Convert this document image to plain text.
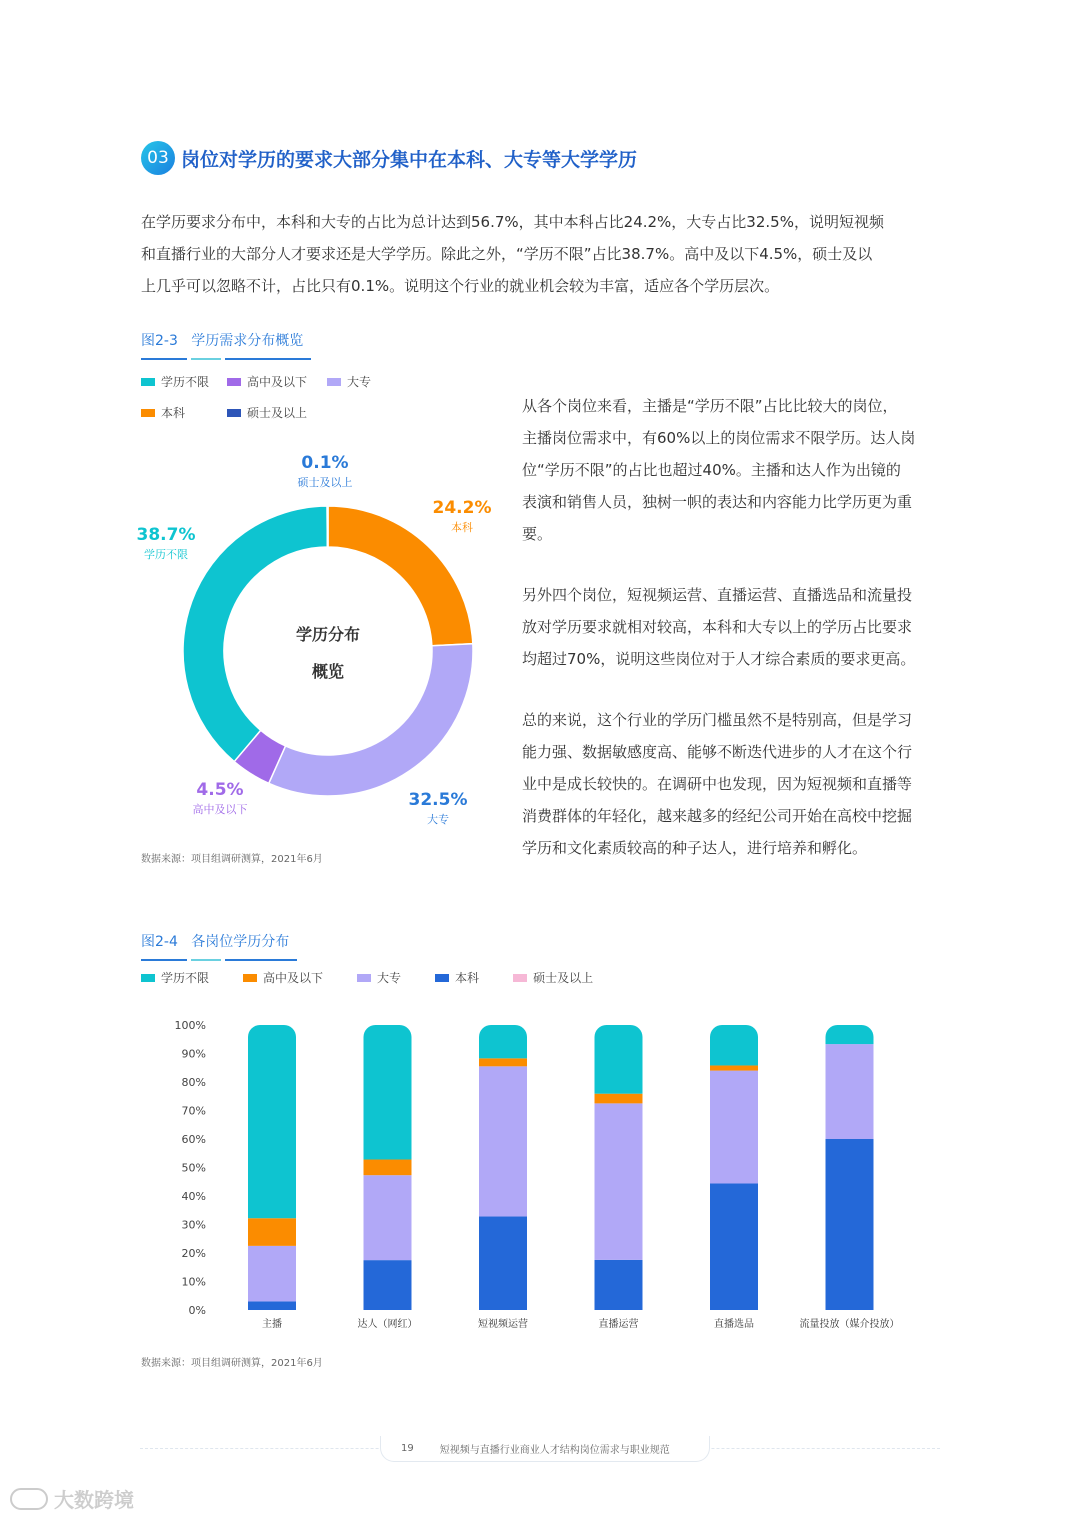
03 岗位对学历的要求大部分集中在本科、大专等大学学历
在学历要求分布中，本科和大专的占比为总计达到56.7%，其中本科占比24.2%，大专占比32.5%，说明短视频
和直播行业的大部分人才要求还是大学学历。除此之外，“学历不限”占比38.7%。高中及以下4.5%，硕士及以
上几乎可以忽略不计，占比只有0.1%。说明这个行业的就业机会较为丰富，适应各个学历层次。
图2-3 学历需求分布概览
学历不限	高中及以下	大专
本科	硕士及以上
24.2%
本科
32.5%
大专
4.5%
高中及以下
38.7%
学历不限
0.1%
硕士及以上
学历分布
概览
数据来源：项目组调研测算，2021年6月
从各个岗位来看，主播是“学历不限”占比比较大的岗位，
主播岗位需求中，有60%以上的岗位需求不限学历。达人岗
位“学历不限”的占比也超过40%。主播和达人作为出镜的
表演和销售人员，独树一帜的表达和内容能力比学历更为重
要。
另外四个岗位，短视频运营、直播运营、直播选品和流量投
放对学历要求就相对较高，本科和大专以上的学历占比要求
均超过70%，说明这些岗位对于人才综合素质的要求更高。
总的来说，这个行业的学历门槛虽然不是特别高，但是学习
能力强、数据敏感度高、能够不断迭代进步的人才在这个行
业中是成长较快的。在调研中也发现，因为短视频和直播等
消费群体的年轻化，越来越多的经纪公司开始在高校中挖掘
学历和文化素质较高的种子达人，进行培养和孵化。
图2-4 各岗位学历分布
学历不限	高中及以下	大专	本科	硕士及以上
0%
10%
20%
30%
40%
50%
60%
70%
80%
90%
100%
主播	达人（网红）	短视频运营	直播运营	直播选品	流量投放（媒介投放）
数据来源：项目组调研测算，2021年6月
19	短视频与直播行业商业人才结构岗位需求与职业规范
大数跨境
